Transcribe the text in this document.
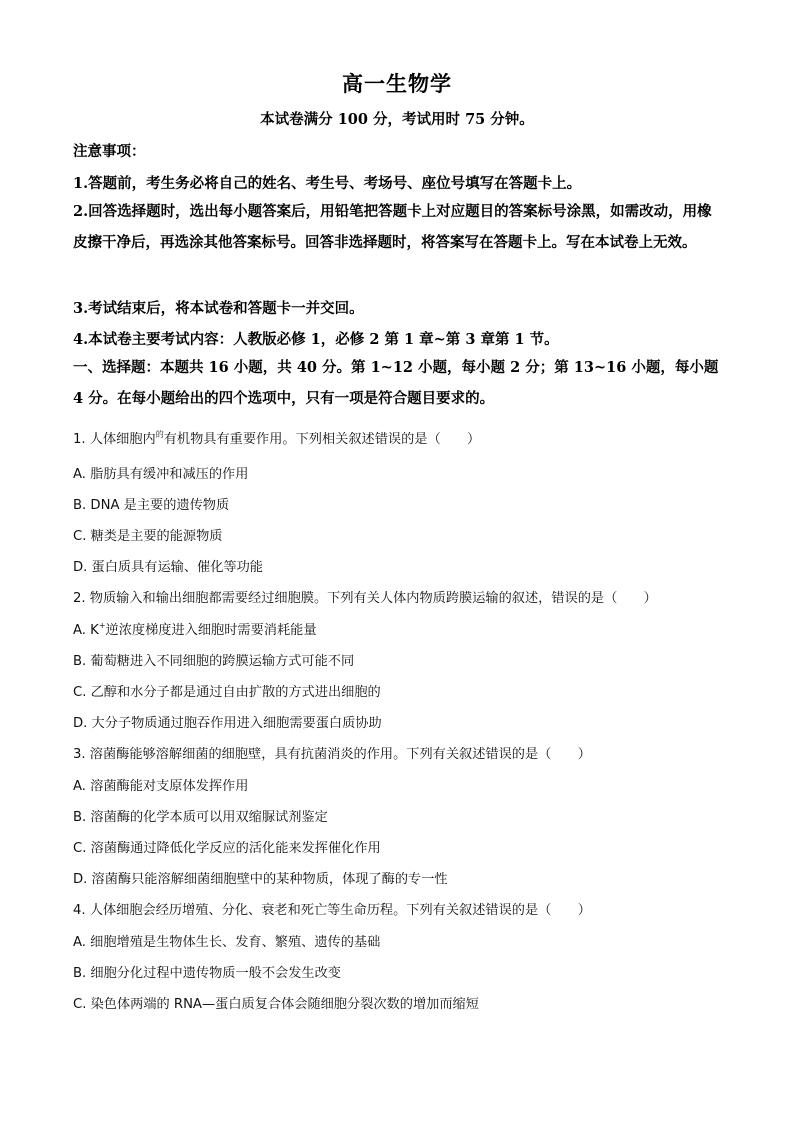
高一生物学
本试卷满分 100 分，考试用时 75 分钟。
注意事项：
1.答题前，考生务必将自己的姓名、考生号、考场号、座位号填写在答题卡上。
2.回答选择题时，选出每小题答案后，用铅笔把答题卡上对应题目的答案标号涂黑，如需改动，用橡皮擦干净后，再选涂其他答案标号。回答非选择题时，将答案写在答题卡上。写在本试卷上无效。
3.考试结束后，将本试卷和答题卡一并交回。
4.本试卷主要考试内容：人教版必修 1，必修 2 第 1 章~第 3 章第 1 节。
一、选择题：本题共 16 小题，共 40 分。第 1~12 小题，每小题 2 分；第 13~16 小题，每小题 4 分。在每小题给出的四个选项中，只有一项是符合题目要求的。
1. 人体细胞内$^的$有机物具有重要作用。下列相关叙述错误的是（　　）
A. 脂肪具有缓冲和减压的作用
B. DNA 是主要的遗传物质
C. 糖类是主要的能源物质
D. 蛋白质具有运输、催化等功能
2. 物质输入和输出细胞都需要经过细胞膜。下列有关人体内物质跨膜运输的叙述，错误的是（　　）
A. K+逆浓度梯度进入细胞时需要消耗能量
B. 葡萄糖进入不同细胞的跨膜运输方式可能不同
C. 乙醇和水分子都是通过自由扩散的方式进出细胞的
D. 大分子物质通过胞吞作用进入细胞需要蛋白质协助
3. 溶菌酶能够溶解细菌的细胞壁，具有抗菌消炎的作用。下列有关叙述错误的是（　　）
A. 溶菌酶能对支原体发挥作用
B. 溶菌酶的化学本质可以用双缩脲试剂鉴定
C. 溶菌酶通过降低化学反应的活化能来发挥催化作用
D. 溶菌酶只能溶解细菌细胞壁中的某种物质，体现了酶的专一性
4. 人体细胞会经历增殖、分化、衰老和死亡等生命历程。下列有关叙述错误的是（　　）
A. 细胞增殖是生物体生长、发育、繁殖、遗传的基础
B. 细胞分化过程中遗传物质一般不会发生改变
C. 染色体两端的 RNA—蛋白质复合体会随细胞分裂次数的增加而缩短
